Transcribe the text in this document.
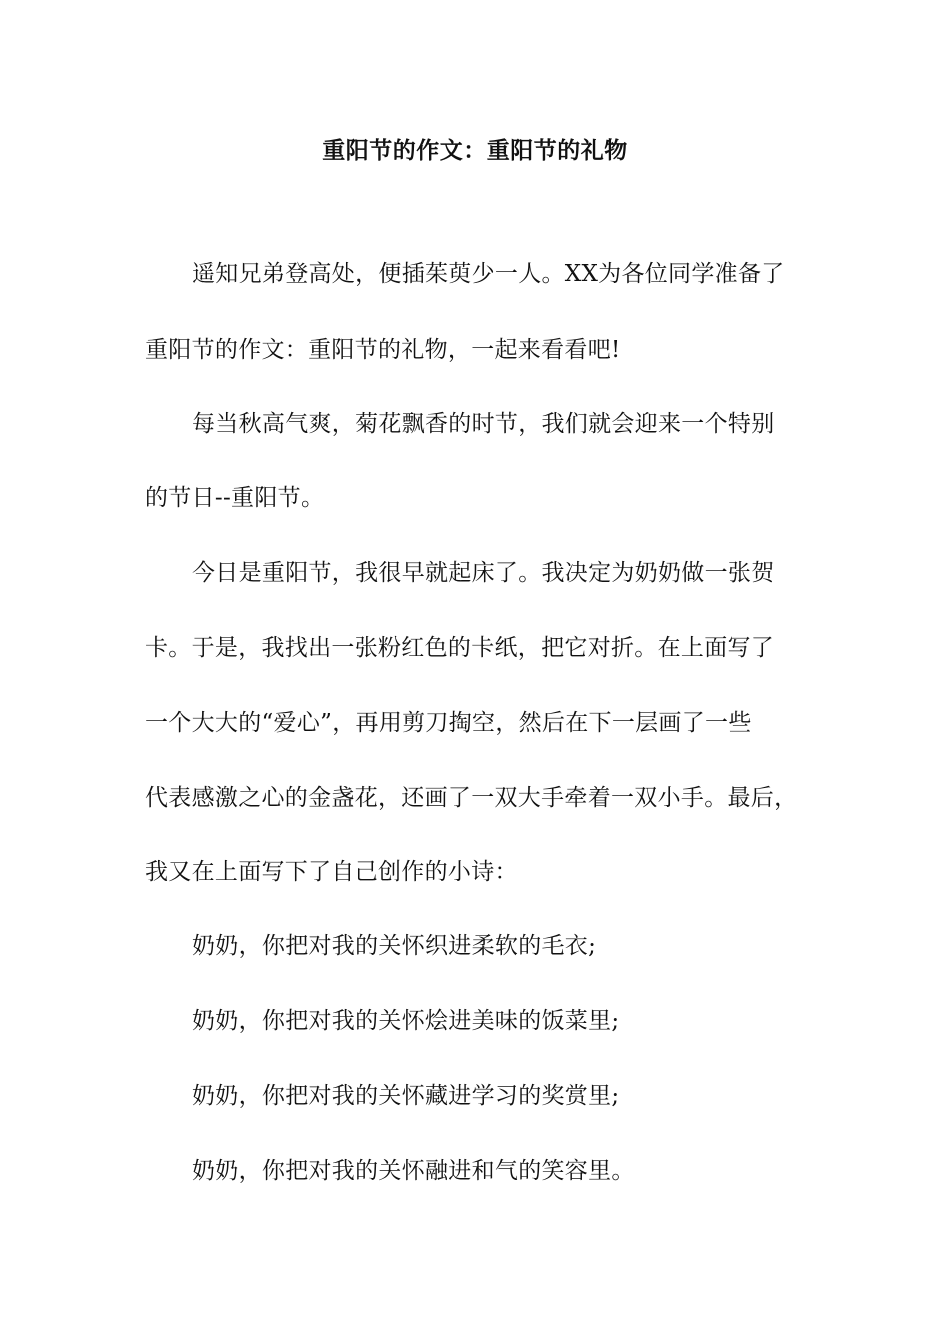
重阳节的作文：重阳节的礼物
遥知兄弟登高处，便插茱萸少一人。XX为各位同学准备了
重阳节的作文：重阳节的礼物，一起来看看吧!
每当秋高气爽，菊花飘香的时节，我们就会迎来一个特别
的节日--重阳节。
今日是重阳节，我很早就起床了。我决定为奶奶做一张贺
卡。于是，我找出一张粉红色的卡纸，把它对折。在上面写了
一个大大的“爱心”，再用剪刀掏空，然后在下一层画了一些
代表感激之心的金盏花，还画了一双大手牵着一双小手。最后，
我又在上面写下了自己创作的小诗：
奶奶，你把对我的关怀织进柔软的毛衣;
奶奶，你把对我的关怀烩进美味的饭菜里;
奶奶，你把对我的关怀藏进学习的奖赏里;
奶奶，你把对我的关怀融进和气的笑容里。
